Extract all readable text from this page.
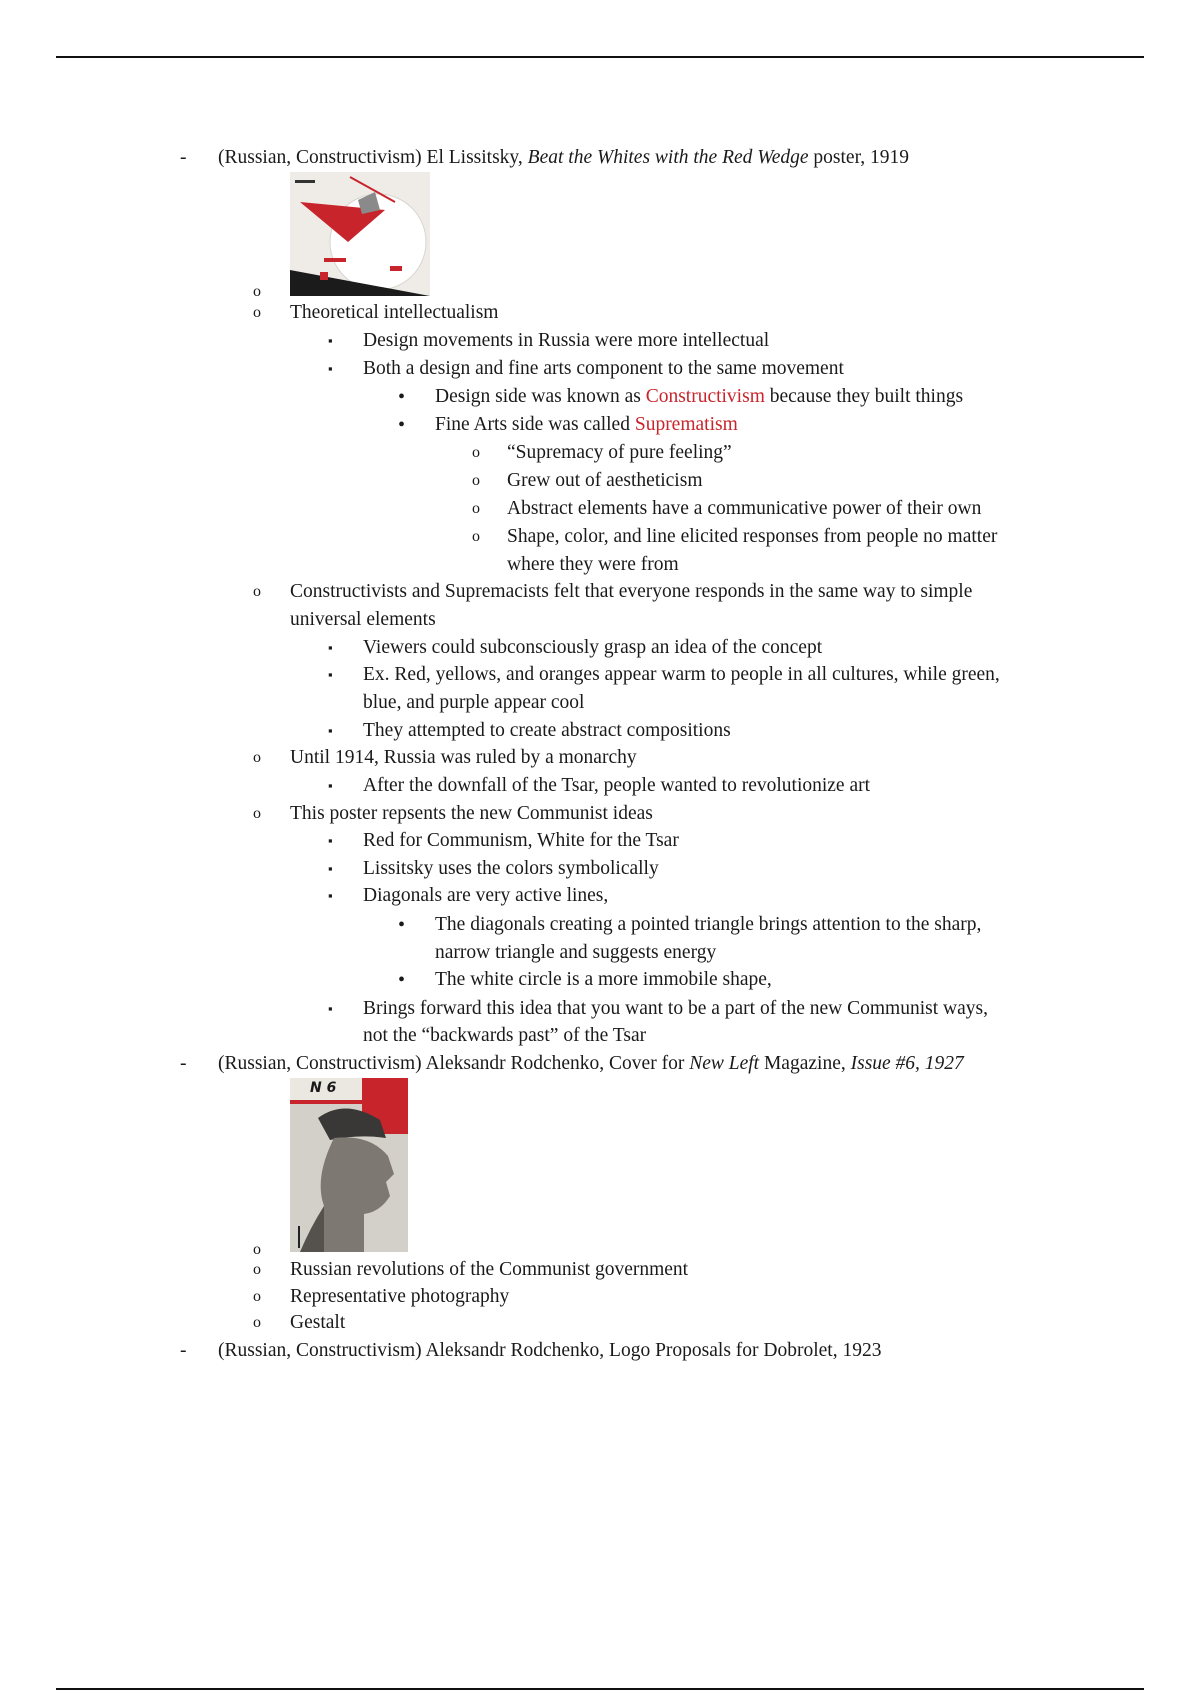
- (Russian, Constructivism) El Lissitsky, Beat the Whites with the Red Wedge poster, 1919
o
o Theoretical intellectualism
▪ Design movements in Russia were more intellectual
▪ Both a design and fine arts component to the same movement
• Design side was known as Constructivism because they built things
• Fine Arts side was called Suprematism
o “Supremacy of pure feeling”
o Grew out of aestheticism
o Abstract elements have a communicative power of their own
o Shape, color, and line elicited responses from people no matter
where they were from
o Constructivists and Supremacists felt that everyone responds in the same way to simple
universal elements
▪ Viewers could subconsciously grasp an idea of the concept
▪ Ex. Red, yellows, and oranges appear warm to people in all cultures, while green,
blue, and purple appear cool
▪ They attempted to create abstract compositions
o Until 1914, Russia was ruled by a monarchy
▪ After the downfall of the Tsar, people wanted to revolutionize art
o This poster repsents the new Communist ideas
▪ Red for Communism, White for the Tsar
▪ Lissitsky uses the colors symbolically
▪ Diagonals are very active lines,
• The diagonals creating a pointed triangle brings attention to the sharp,
narrow triangle and suggests energy
• The white circle is a more immobile shape,
▪ Brings forward this idea that you want to be a part of the new Communist ways,
not the “backwards past” of the Tsar
- (Russian, Constructivism) Aleksandr Rodchenko, Cover for New Left Magazine, Issue #6, 1927
N 6
o
o Russian revolutions of the Communist government
o Representative photography
o Gestalt
- (Russian, Constructivism) Aleksandr Rodchenko, Logo Proposals for Dobrolet, 1923
